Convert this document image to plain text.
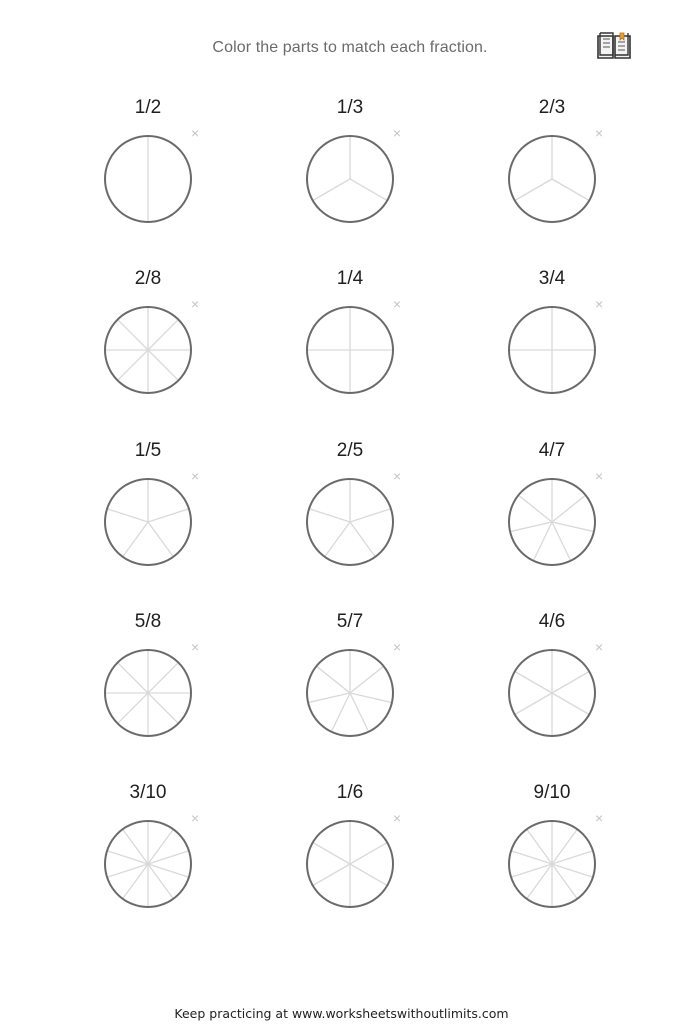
Color the parts to match each fraction.
1/2
×
1/3
×
2/3
×
2/8
×
1/4
×
3/4
×
1/5
×
2/5
×
4/7
×
5/8
×
5/7
×
4/6
×
3/10
×
1/6
×
9/10
×
Keep practicing at www.worksheetswithoutlimits.com
